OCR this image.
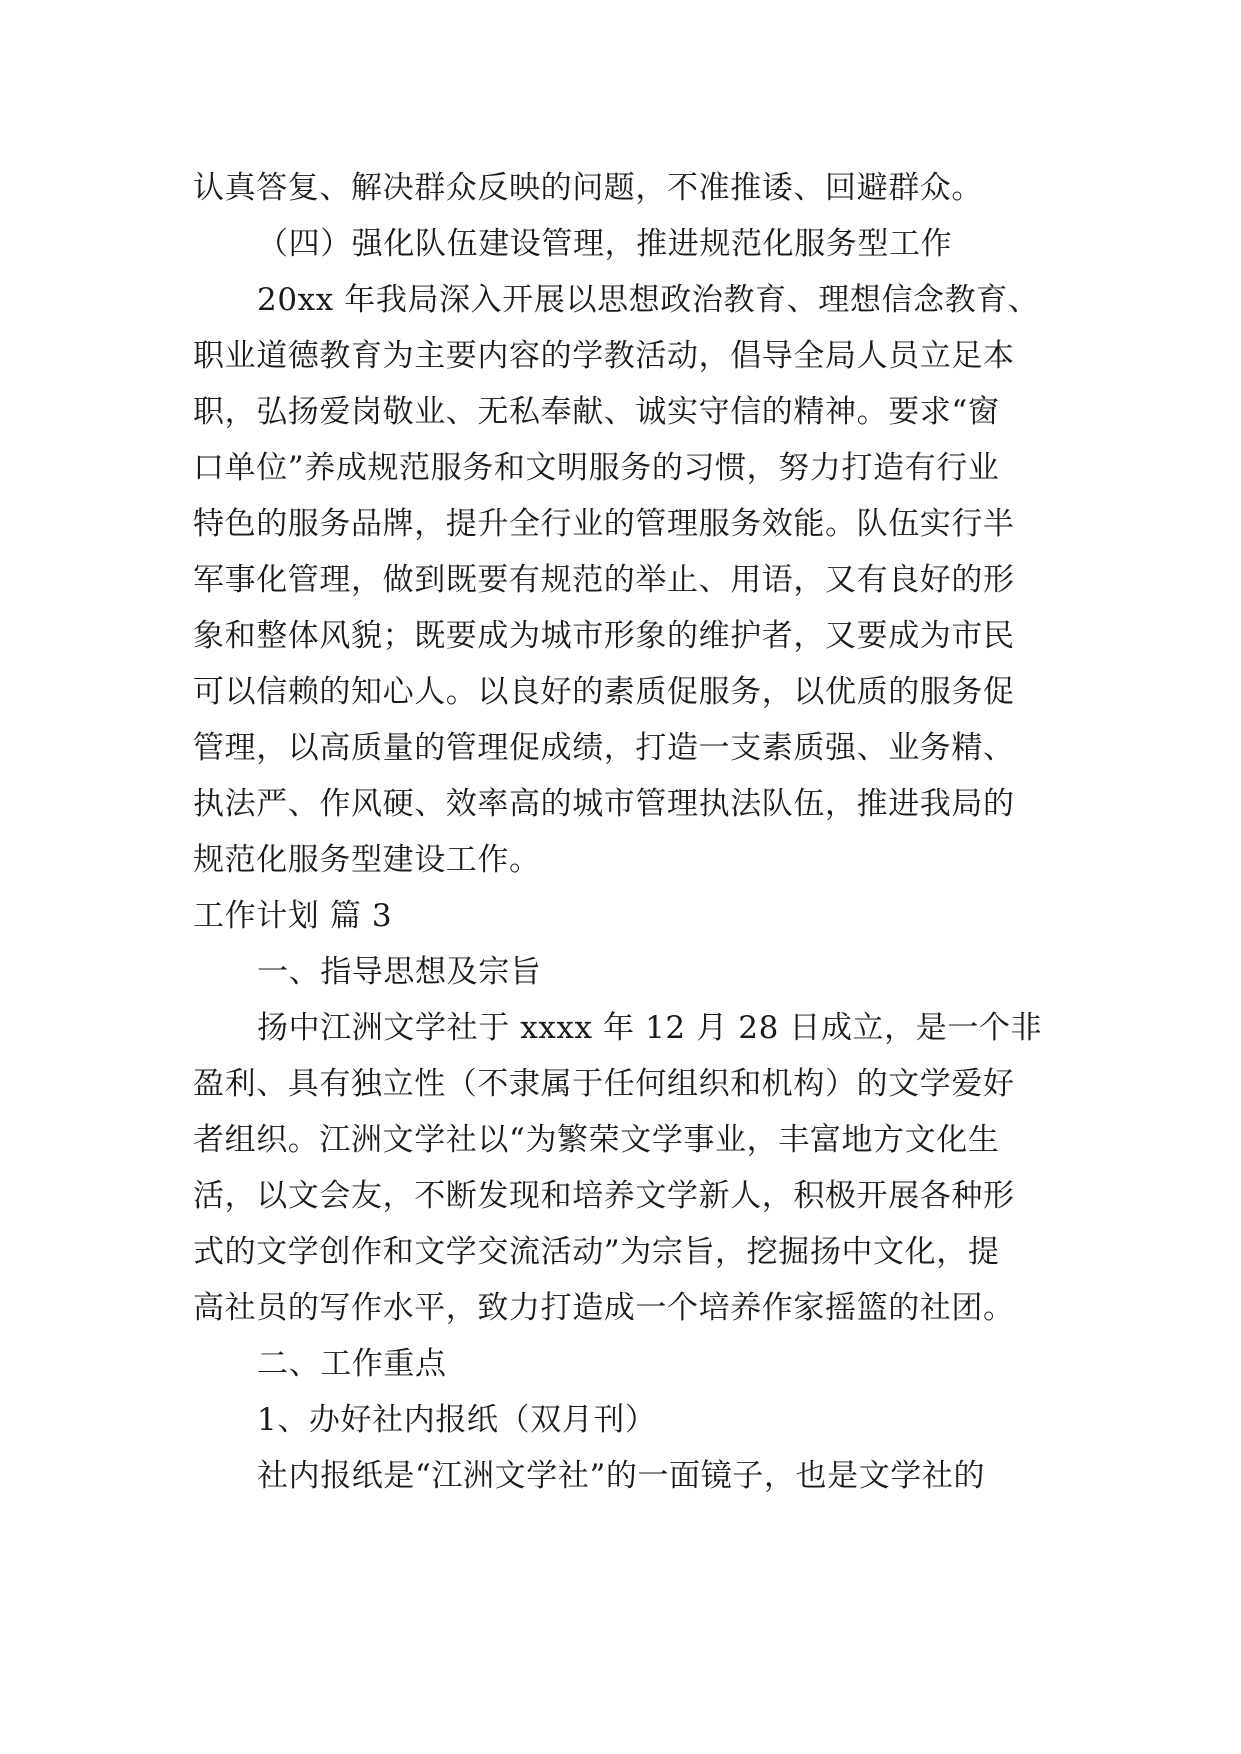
认真答复、解决群众反映的问题，不准推诿、回避群众。
（四）强化队伍建设管理，推进规范化服务型工作
20xx 年我局深入开展以思想政治教育、理想信念教育、
职业道德教育为主要内容的学教活动，倡导全局人员立足本
职，弘扬爱岗敬业、无私奉献、诚实守信的精神。要求“窗
口单位”养成规范服务和文明服务的习惯，努力打造有行业
特色的服务品牌，提升全行业的管理服务效能。队伍实行半
军事化管理，做到既要有规范的举止、用语，又有良好的形
象和整体风貌；既要成为城市形象的维护者，又要成为市民
可以信赖的知心人。以良好的素质促服务，以优质的服务促
管理，以高质量的管理促成绩，打造一支素质强、业务精、
执法严、作风硬、效率高的城市管理执法队伍，推进我局的
规范化服务型建设工作。
工作计划 篇 3
一、指导思想及宗旨
扬中江洲文学社于 xxxx 年 12 月 28 日成立，是一个非
盈利、具有独立性（不隶属于任何组织和机构）的文学爱好
者组织。江洲文学社以“为繁荣文学事业，丰富地方文化生
活，以文会友，不断发现和培养文学新人，积极开展各种形
式的文学创作和文学交流活动”为宗旨，挖掘扬中文化，提
高社员的写作水平，致力打造成一个培养作家摇篮的社团。
二、工作重点
1、办好社内报纸（双月刊）
社内报纸是“江洲文学社”的一面镜子，也是文学社的
